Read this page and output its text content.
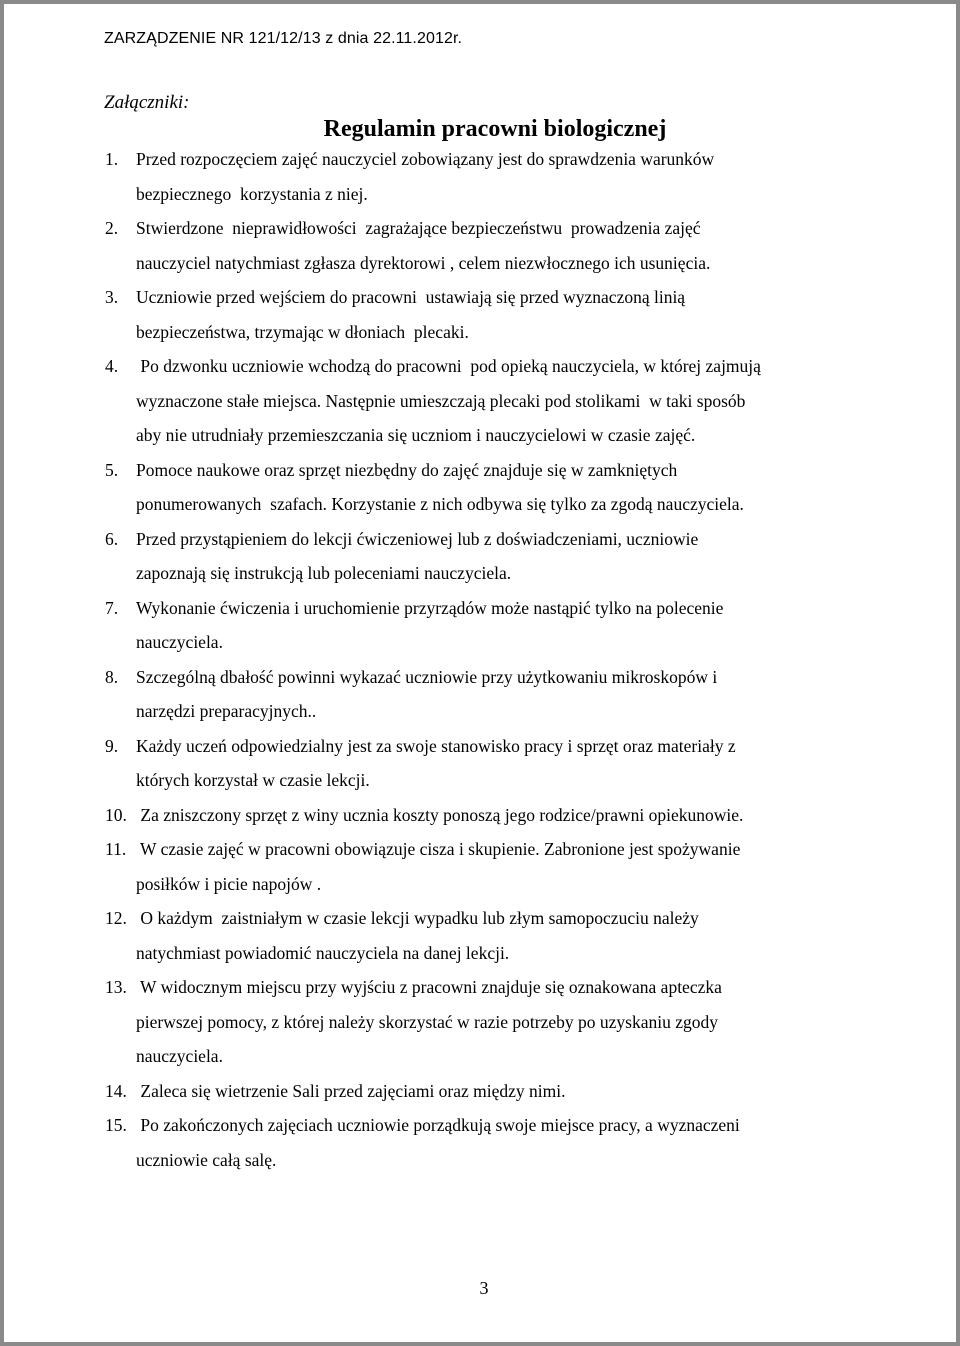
ZARZĄDZENIE NR 121/12/13 z dnia 22.11.2012r.
Załączniki:
Regulamin pracowni biologicznej
1. Przed rozpoczęciem zajęć nauczyciel zobowiązany jest do sprawdzenia warunków
bezpiecznego  korzystania z niej.
2. Stwierdzone  nieprawidłowości  zagrażające bezpieczeństwu  prowadzenia zajęć
nauczyciel natychmiast zgłasza dyrektorowi , celem niezwłocznego ich usunięcia.
3. Uczniowie przed wejściem do pracowni  ustawiają się przed wyznaczoną linią
bezpieczeństwa, trzymając w dłoniach  plecaki.
4. Po dzwonku uczniowie wchodzą do pracowni  pod opieką nauczyciela, w której zajmują
wyznaczone stałe miejsca. Następnie umieszczają plecaki pod stolikami  w taki sposób
aby nie utrudniały przemieszczania się uczniom i nauczycielowi w czasie zajęć.
5. Pomoce naukowe oraz sprzęt niezbędny do zajęć znajduje się w zamkniętych
ponumerowanych  szafach. Korzystanie z nich odbywa się tylko za zgodą nauczyciela.
6. Przed przystąpieniem do lekcji ćwiczeniowej lub z doświadczeniami, uczniowie
zapoznają się instrukcją lub poleceniami nauczyciela.
7. Wykonanie ćwiczenia i uruchomienie przyrządów może nastąpić tylko na polecenie
nauczyciela.
8. Szczególną dbałość powinni wykazać uczniowie przy użytkowaniu mikroskopów i
narzędzi preparacyjnych..
9. Każdy uczeń odpowiedzialny jest za swoje stanowisko pracy i sprzęt oraz materiały z
których korzystał w czasie lekcji.
10. Za zniszczony sprzęt z winy ucznia koszty ponoszą jego rodzice/prawni opiekunowie.
11. W czasie zajęć w pracowni obowiązuje cisza i skupienie. Zabronione jest spożywanie
posiłków i picie napojów .
12. O każdym  zaistniałym w czasie lekcji wypadku lub złym samopoczuciu należy
natychmiast powiadomić nauczyciela na danej lekcji.
13. W widocznym miejscu przy wyjściu z pracowni znajduje się oznakowana apteczka
pierwszej pomocy, z której należy skorzystać w razie potrzeby po uzyskaniu zgody
nauczyciela.
14. Zaleca się wietrzenie Sali przed zajęciami oraz między nimi.
15. Po zakończonych zajęciach uczniowie porządkują swoje miejsce pracy, a wyznaczeni
uczniowie całą salę.
3
